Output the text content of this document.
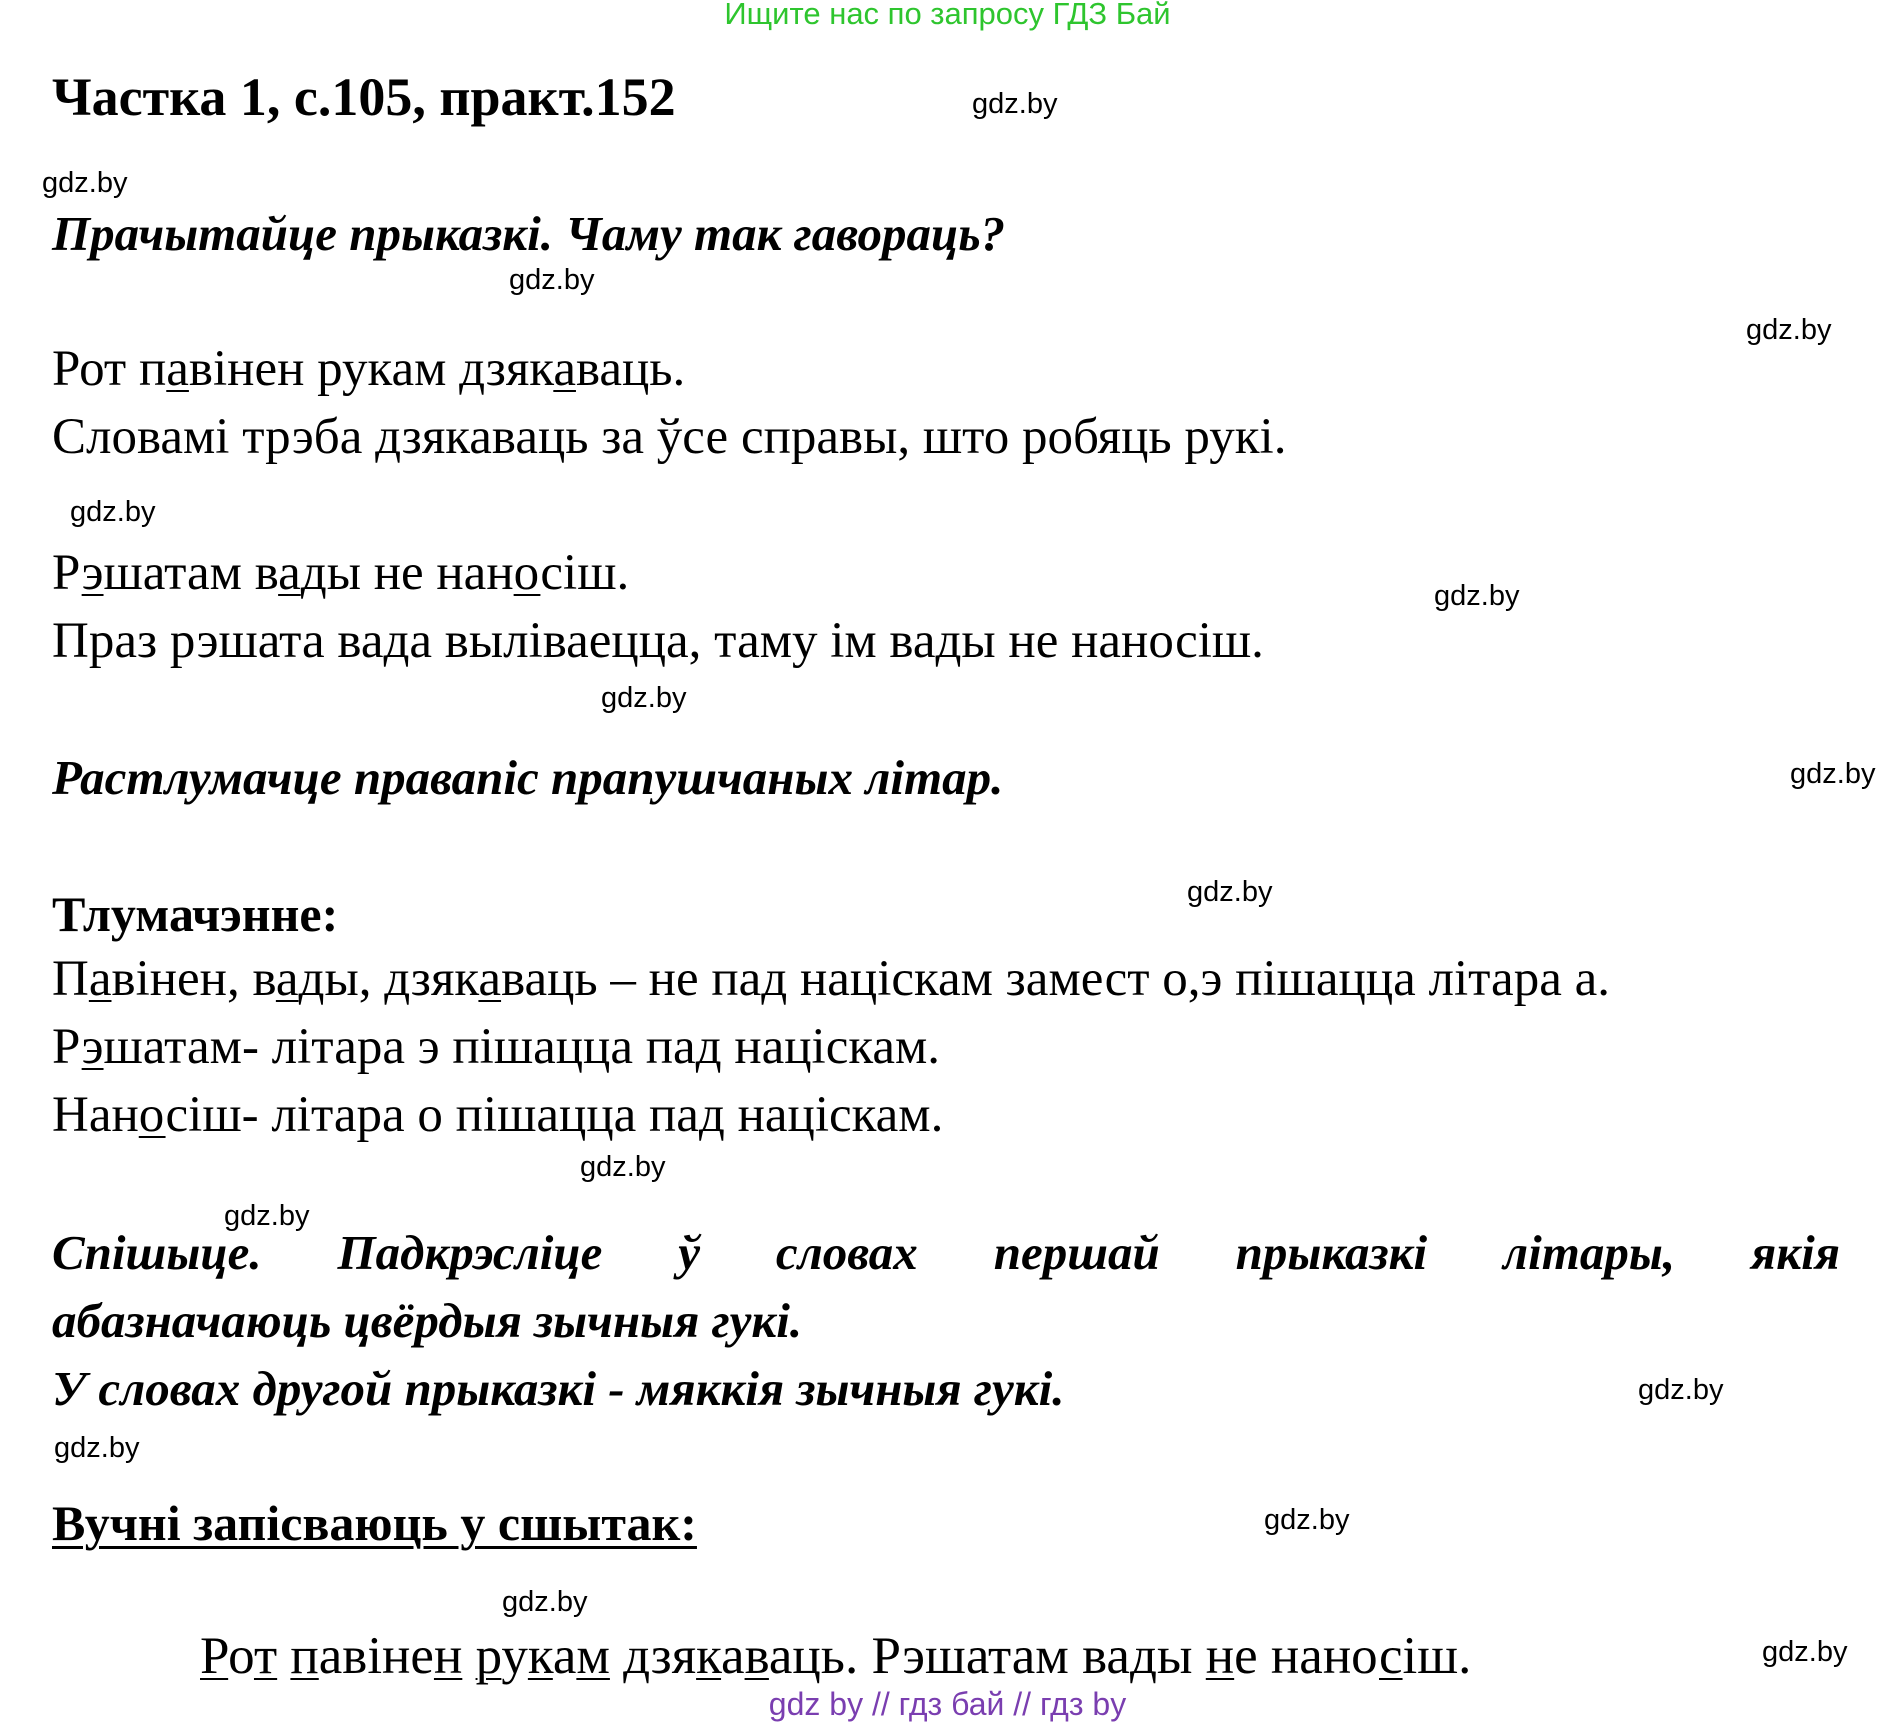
Ищите нас по запросу ГДЗ Бай
Частка 1, с.105, практ.152	gdz.by
gdz.by
Прачытайце прыказкі. Чаму так гавораць?
gdz.by
gdz.by
Рот павінен рукам дзякаваць.
Словамі трэба дзякаваць за ўсе справы, што робяць рукі.
gdz.by
Рэшатам вады не наносіш.	gdz.by
Праз рэшата вада выліваецца, таму ім вады не наносіш.
gdz.by
Растлумачце правапіс прапушчаных літар.	gdz.by
gdz.by
Тлумачэнне:
Павінен, вады, дзякаваць – не пад націскам замест о,э пішацца літара а.
Рэшатам- літара э пішацца пад націскам.
Наносіш- літара о пішацца пад націскам.
gdz.by
gdz.by
Спішыце. Падкрэсліце ў словах першай прыказкі літары, якія
абазначаюць цвёрдыя зычныя гукі.
У словах другой прыказкі - мяккія зычныя гукі.	gdz.by
gdz.by
Вучні запісваюць у сшытак:	gdz.by
gdz.by
Рот павінен рукам дзякаваць. Рэшатам вады не наносіш.	gdz.by
gdz by // гдз бай // гдз by
